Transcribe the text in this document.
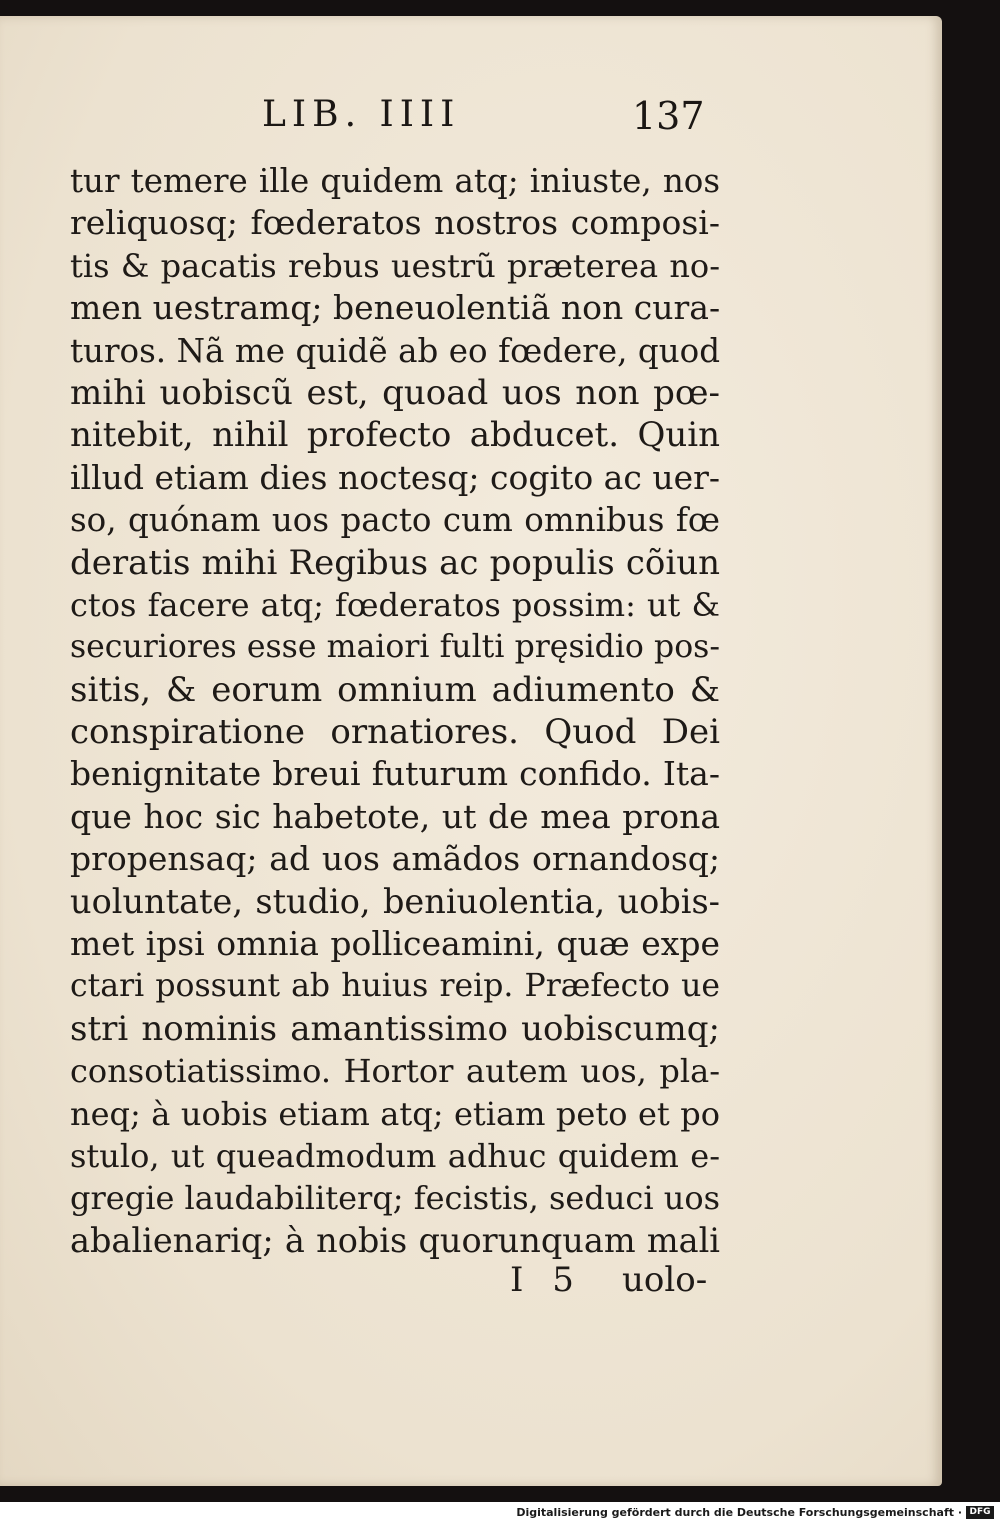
LIB. IIII	137
tur temere ille quidem atq; iniuste, nos
reliquosq; fœderatos nostros composi-
tis & pacatis rebus uestrũ præterea no-
men uestramq; beneuolentiã non cura-
turos. Nã me quidẽ ab eo fœdere, quod
mihi uobiscũ est, quoad uos non pœ-
nitebit, nihil profecto abducet. Quin
illud etiam dies noctesq; cogito ac uer-
so, quónam uos pacto cum omnibus fœ
deratis mihi Regibus ac populis cõiun
ctos facere atq; fœderatos possim: ut &
securiores esse maiori fulti pręsidio pos-
sitis, & eorum omnium adiumento &
conspiratione ornatiores. Quod Dei
benignitate breui futurum confido. Ita-
que hoc sic habetote, ut de mea prona
propensaq; ad uos amãdos ornandosq;
uoluntate, studio, beniuolentia, uobis-
met ipsi omnia polliceamini, quæ expe
ctari possunt ab huius reip. Præfecto ue
stri nominis amantissimo uobiscumq;
consotiatissimo. Hortor autem uos, pla-
neq; à uobis etiam atq; etiam peto et po
stulo, ut queadmodum adhuc quidem e-
gregie laudabiliterq; fecistis, seduci uos
abalienariq; à nobis quorunquam mali
I 5 uolo-
Digitalisierung gefördert durch die Deutsche Forschungsgemeinschaft · DFG
